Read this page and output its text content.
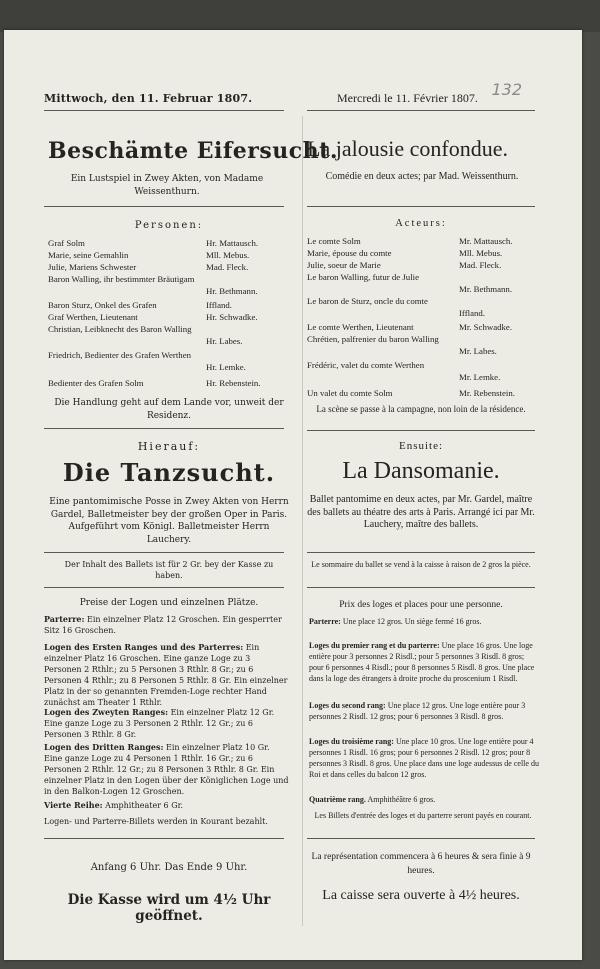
132
Mittwoch, den 11. Februar 1807.
Beschämte Eifersucht.
Ein Lustspiel in Zwey Akten, von Madame Weissenthurn.
Personen:
Graf Solm	Hr. Mattausch.
Marie, seine Gemahlin	Mll. Mebus.
Julie, Mariens Schwester	Mad. Fleck.
Baron Walling, ihr bestimmter Bräutigam
Hr. Bethmann.
Baron Sturz, Onkel des Grafen	Iffland.
Graf Werthen, Lieutenant	Hr. Schwadke.
Christian, Leibknecht des Baron Walling
Hr. Labes.
Friedrich, Bedienter des Grafen Werthen
Hr. Lemke.
Bedienter des Grafen Solm	Hr. Rebenstein.
Die Handlung geht auf dem Lande vor, unweit der Residenz.
Hierauf:
Die Tanzsucht.
Eine pantomimische Posse in Zwey Akten von Herrn Gardel, Balletmeister bey der großen Oper in Paris. Aufgeführt vom Königl. Balletmeister Herrn Lauchery.
Der Inhalt des Ballets ist für 2 Gr. bey der Kasse zu haben.
Preise der Logen und einzelnen Plätze.
Parterre: Ein einzelner Platz 12 Groschen. Ein gesperrter Sitz 16 Groschen.
Logen des Ersten Ranges und des Parterres: Ein einzelner Platz 16 Groschen. Eine ganze Loge zu 3 Personen 2 Rthlr.; zu 5 Personen 3 Rthlr. 8 Gr.; zu 6 Personen 4 Rthlr.; zu 8 Personen 5 Rthlr. 8 Gr. Ein einzelner Platz in der so genannten Fremden-Loge rechter Hand zunächst am Theater 1 Rthlr.
Logen des Zweyten Ranges: Ein einzelner Platz 12 Gr. Eine ganze Loge zu 3 Personen 2 Rthlr. 12 Gr.; zu 6 Personen 3 Rthlr. 8 Gr.
Logen des Dritten Ranges: Ein einzelner Platz 10 Gr. Eine ganze Loge zu 4 Personen 1 Rthlr. 16 Gr.; zu 6 Personen 2 Rthlr. 12 Gr.; zu 8 Personen 3 Rthlr. 8 Gr. Ein einzelner Platz in den Logen über der Königlichen Loge und in den Balkon-Logen 12 Groschen.
Vierte Reihe: Amphitheater 6 Gr.
Logen- und Parterre-Billets werden in Kourant bezahlt.
Anfang 6 Uhr. Das Ende 9 Uhr.
Die Kasse wird um 4½ Uhr geöffnet.
Mercredi le 11. Février 1807.
La jalousie confondue.
Comédie en deux actes; par Mad. Weissenthurn.
Acteurs:
Le comte Solm	Mr. Mattausch.
Marie, épouse du comte	Mll. Mebus.
Julie, soeur de Marie	Mad. Fleck.
Le baron Walling, futur de Julie
Mr. Bethmann.
Le baron de Sturz, oncle du comte
Iffland.
Le comte Werthen, Lieutenant	Mr. Schwadke.
Chrétien, palfrenier du baron Walling
Mr. Labes.
Frédéric, valet du comte Werthen
Mr. Lemke.
Un valet du comte Solm	Mr. Rebenstein.
La scène se passe à la campagne, non loin de la résidence.
Ensuite:
La Dansomanie.
Ballet pantomime en deux actes, par Mr. Gardel, maître des ballets au théatre des arts à Paris. Arrangé ici par Mr. Lauchery, maître des ballets.
Le sommaire du ballet se vend à la caisse à raison de 2 gros la pièce.
Prix des loges et places pour une personne.
Parterre: Une place 12 gros. Un siège fermé 16 gros.
Loges du premier rang et du parterre: Une place 16 gros. Une loge entière pour 3 personnes 2 Risdl.; pour 5 personnes 3 Risdl. 8 gros; pour 6 personnes 4 Risdl.; pour 8 personnes 5 Risdl. 8 gros. Une place dans la loge des étrangers à droite proche du proscenium 1 Risdl.
Loges du second rang: Une place 12 gros. Une loge entière pour 3 personnes 2 Risdl. 12 gros; pour 6 personnes 3 Risdl. 8 gros.
Loges du troisième rang: Une place 10 gros. Une loge entière pour 4 personnes 1 Risdl. 16 gros; pour 6 personnes 2 Risdl. 12 gros; pour 8 personnes 3 Risdl. 8 gros. Une place dans une loge audessus de celle du Roi et dans celles du balcon 12 gros.
Quatrième rang. Amphithéâtre 6 gros.
Les Billets d'entrée des loges et du parterre seront payés en courant.
La représentation commencera à 6 heures & sera finie à 9 heures.
La caisse sera ouverte à 4½ heures.
